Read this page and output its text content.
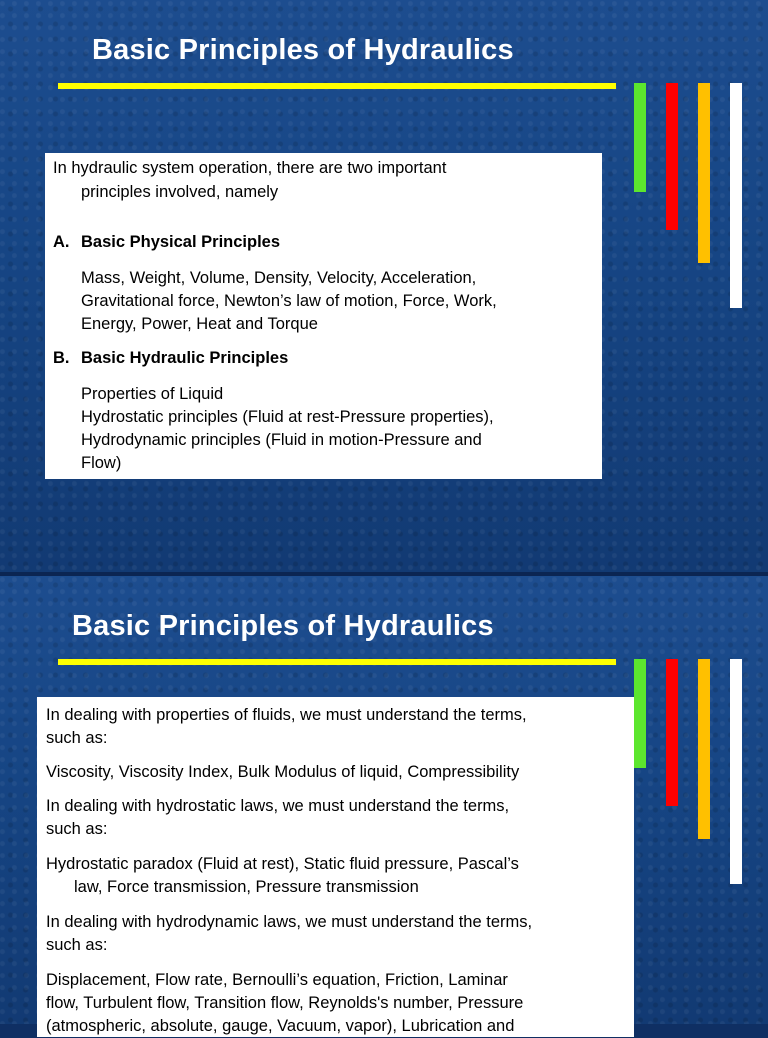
Basic Principles of Hydraulics

In hydraulic system operation, there are two important

principles involved, namely

A. Basic Physical Principles

Mass, Weight, Volume, Density, Velocity, Acceleration,

Gravitational force, Newton’s law of motion, Force, Work,

Energy, Power, Heat and Torque

B. Basic Hydraulic Principles

Properties of Liquid

Hydrostatic principles (Fluid at rest-Pressure properties),

Hydrodynamic principles (Fluid in motion-Pressure and

Flow)

Basic Principles of Hydraulics

In dealing with properties of fluids, we must understand the terms,

such as:

Viscosity, Viscosity Index, Bulk Modulus of liquid, Compressibility

In dealing with hydrostatic laws, we must understand the terms,

such as:

Hydrostatic paradox (Fluid at rest), Static fluid pressure, Pascal’s

law, Force transmission, Pressure transmission

In dealing with hydrodynamic laws, we must understand the terms,

such as:

Displacement, Flow rate, Bernoulli’s equation, Friction, Laminar

flow, Turbulent flow, Transition flow, Reynolds's number, Pressure

(atmospheric, absolute, gauge, Vacuum, vapor), Lubrication and
